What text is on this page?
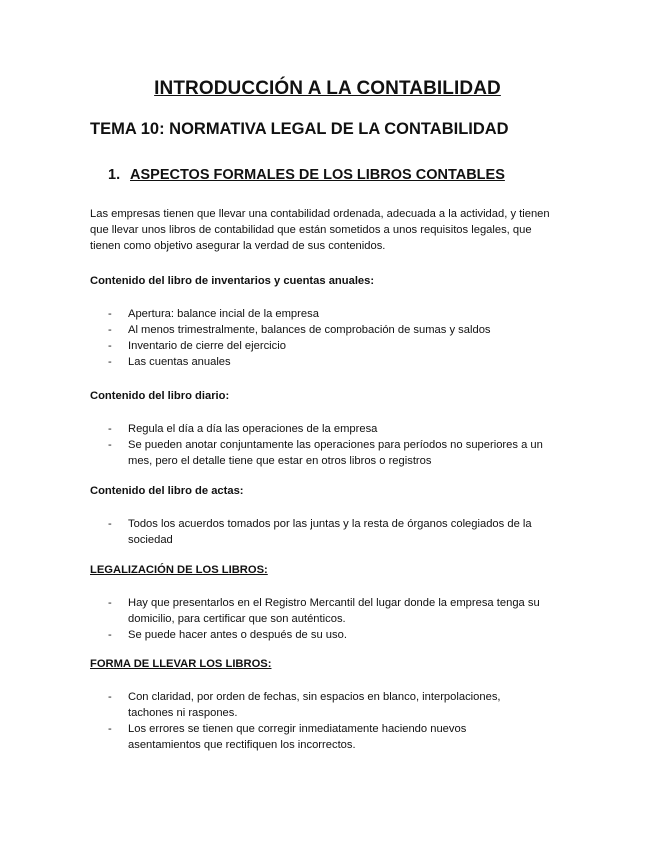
INTRODUCCIÓN A LA CONTABILIDAD
TEMA 10: NORMATIVA LEGAL DE LA CONTABILIDAD
1. ASPECTOS FORMALES DE LOS LIBROS CONTABLES
Las empresas tienen que llevar una contabilidad ordenada, adecuada a la actividad, y tienen que llevar unos libros de contabilidad que están sometidos a unos requisitos legales, que tienen como objetivo asegurar la verdad de sus contenidos.
Contenido del libro de inventarios y cuentas anuales:
- Apertura: balance incial de la empresa
- Al menos trimestralmente, balances de comprobación de sumas y saldos
- Inventario de cierre del ejercicio
- Las cuentas anuales
Contenido del libro diario:
- Regula el día a día las operaciones de la empresa
- Se pueden anotar conjuntamente las operaciones para períodos no superiores a un mes, pero el detalle tiene que estar en otros libros o registros
Contenido del libro de actas:
- Todos los acuerdos tomados por las juntas y la resta de órganos colegiados de la sociedad
LEGALIZACIÓN DE LOS LIBROS:
- Hay que presentarlos en el Registro Mercantil del lugar donde la empresa tenga su domicilio, para certificar que son auténticos.
- Se puede hacer antes o después de su uso.
FORMA DE LLEVAR LOS LIBROS:
- Con claridad, por orden de fechas, sin espacios en blanco, interpolaciones, tachones ni raspones.
- Los errores se tienen que corregir inmediatamente haciendo nuevos asentamientos que rectifiquen los incorrectos.
